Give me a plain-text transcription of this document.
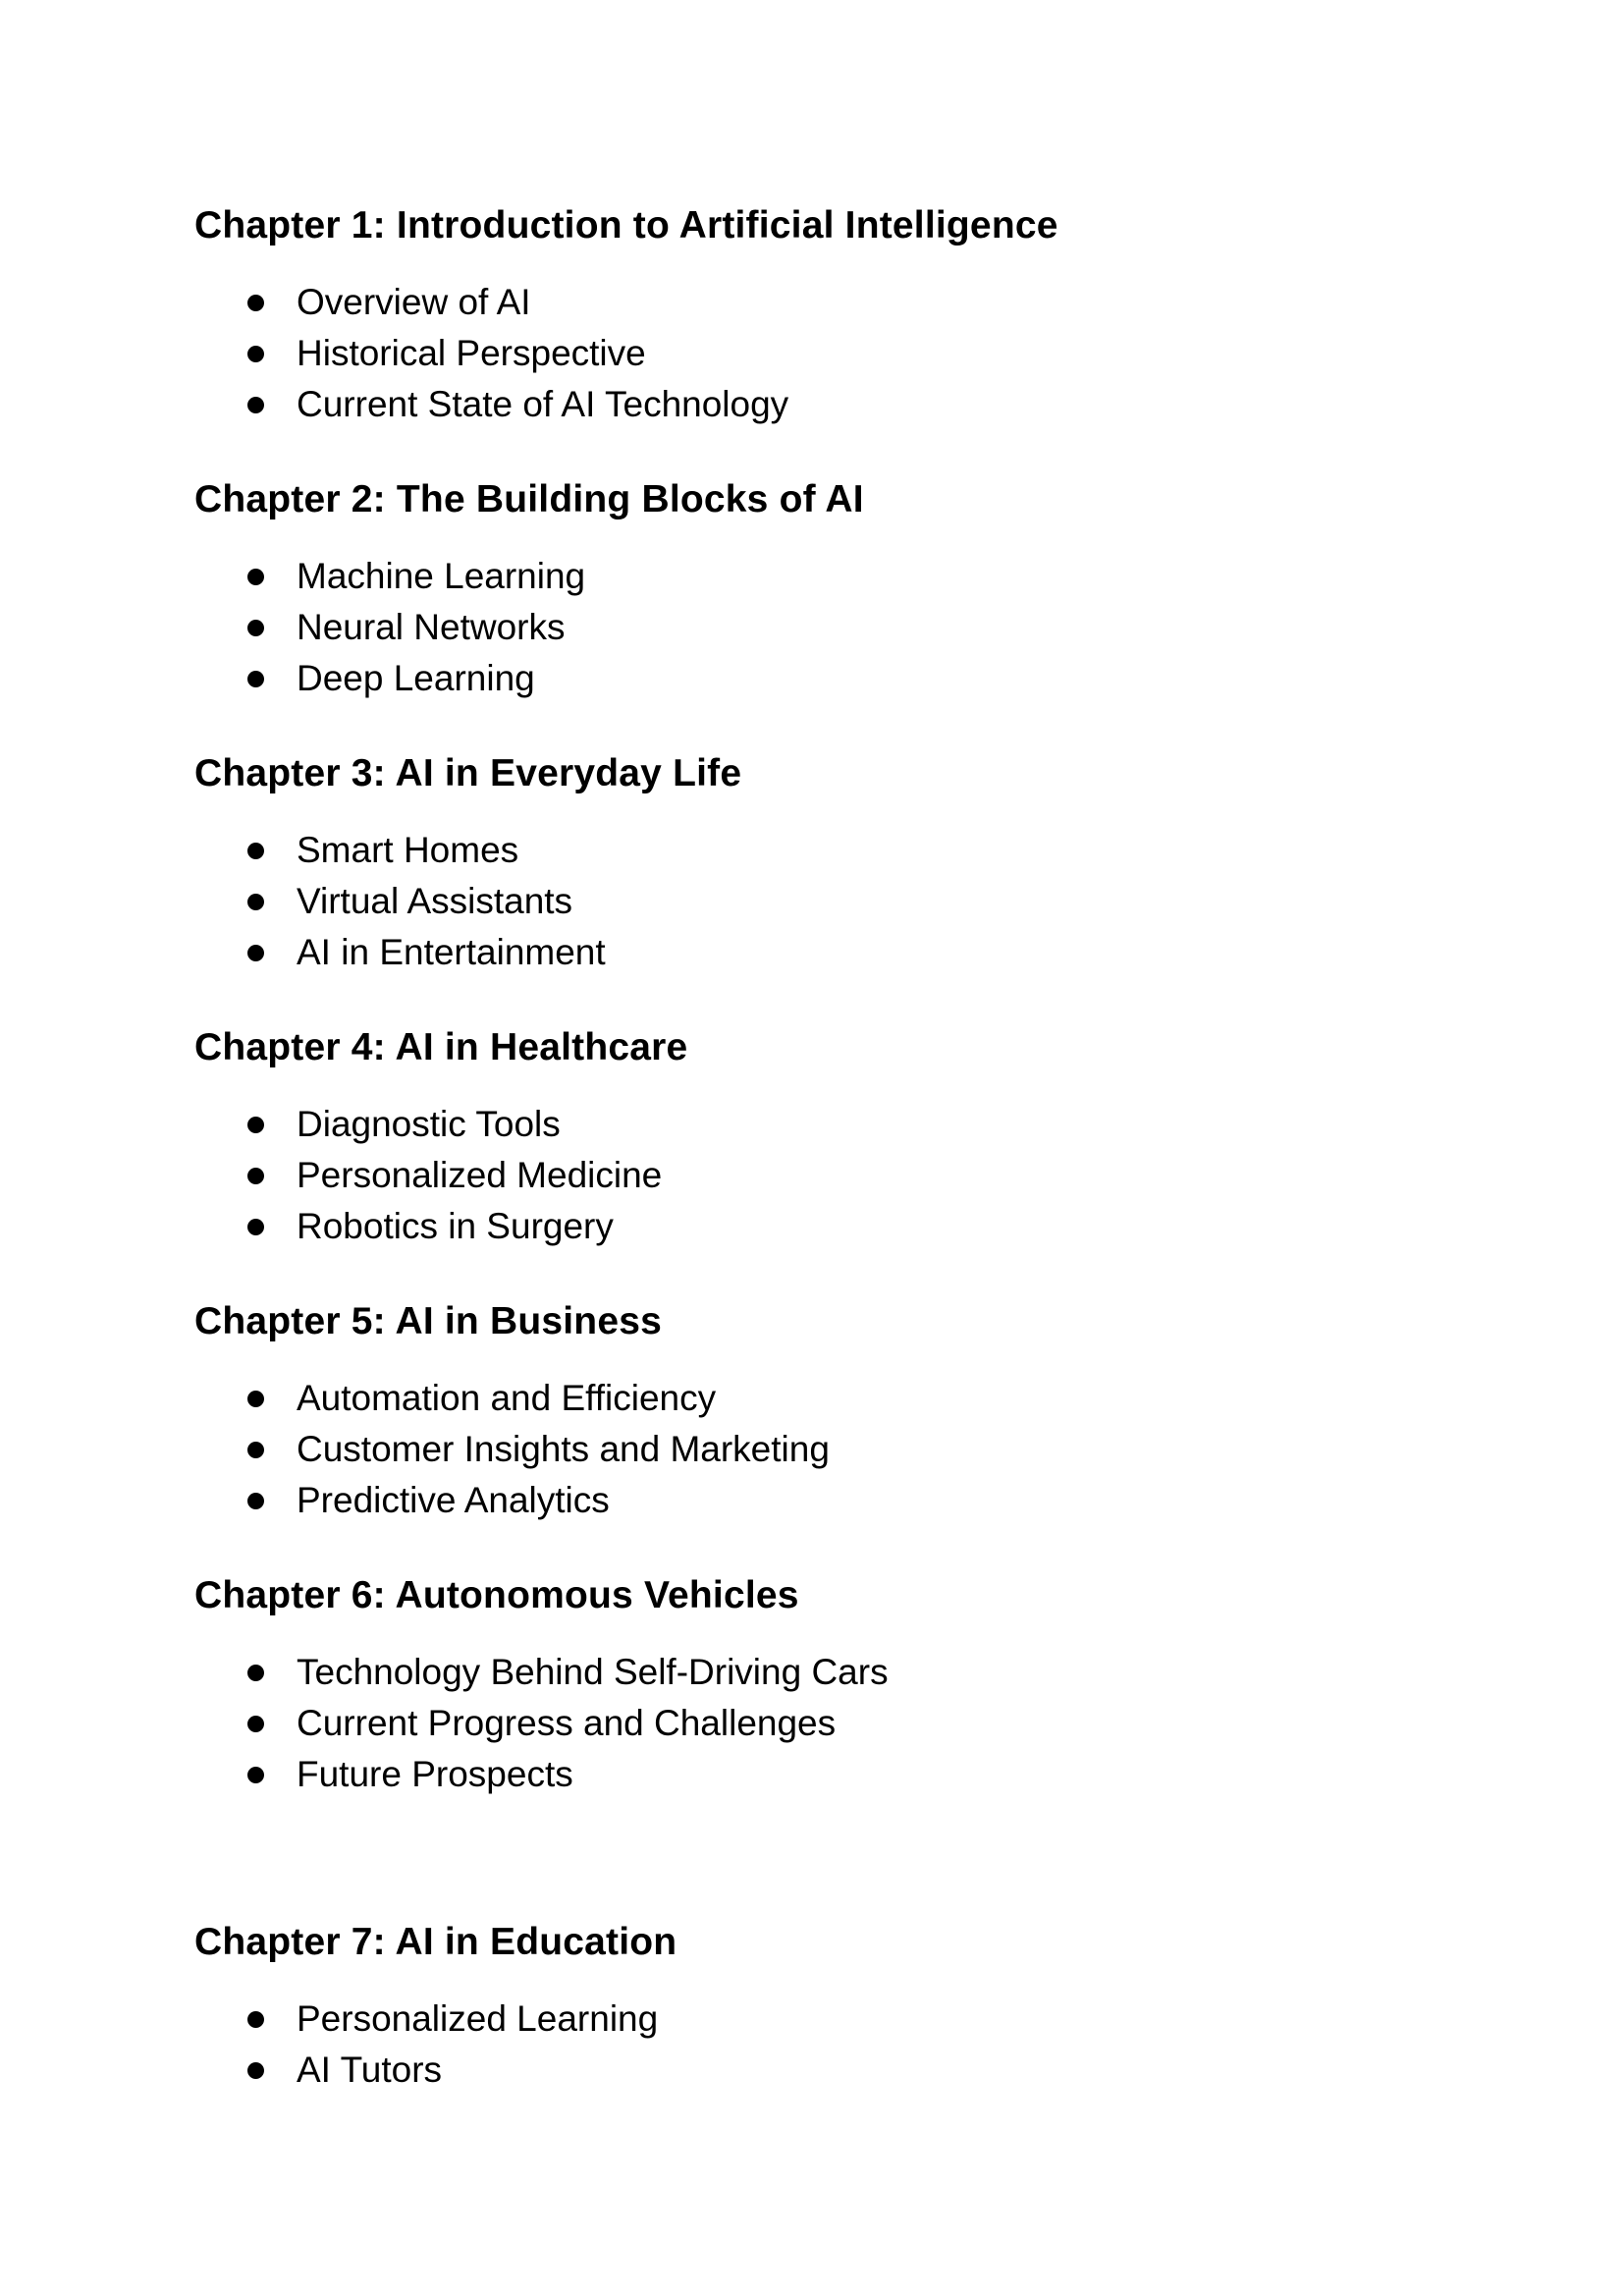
Chapter 1: Introduction to Artificial Intelligence
Overview of AI
Historical Perspective
Current State of AI Technology
Chapter 2: The Building Blocks of AI
Machine Learning
Neural Networks
Deep Learning
Chapter 3: AI in Everyday Life
Smart Homes
Virtual Assistants
AI in Entertainment
Chapter 4: AI in Healthcare
Diagnostic Tools
Personalized Medicine
Robotics in Surgery
Chapter 5: AI in Business
Automation and Efficiency
Customer Insights and Marketing
Predictive Analytics
Chapter 6: Autonomous Vehicles
Technology Behind Self-Driving Cars
Current Progress and Challenges
Future Prospects
Chapter 7: AI in Education
Personalized Learning
AI Tutors
